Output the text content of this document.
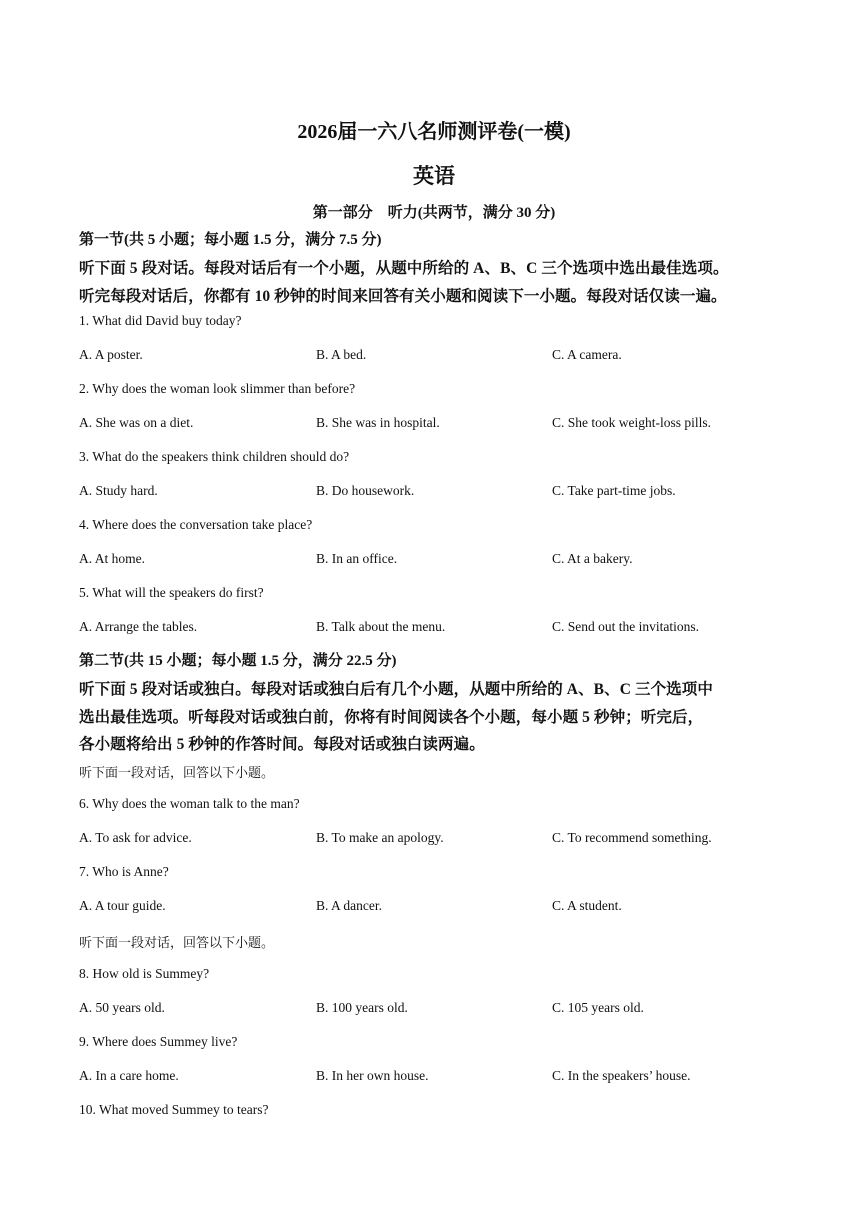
2026届一六八名师测评卷(一模)
英语
第一部分　听力(共两节，满分 30 分)
第一节(共 5 小题；每小题 1.5 分，满分 7.5 分)
听下面 5 段对话。每段对话后有一个小题，从题中所给的 A、B、C 三个选项中选出最佳选项。
听完每段对话后，你都有 10 秒钟的时间来回答有关小题和阅读下一小题。每段对话仅读一遍。
1. What did David buy today?
A. A poster.	B. A bed.	C. A camera.
2. Why does the woman look slimmer than before?
A. She was on a diet.	B. She was in hospital.	C. She took weight-loss pills.
3. What do the speakers think children should do?
A. Study hard.	B. Do housework.	C. Take part-time jobs.
4. Where does the conversation take place?
A. At home.	B. In an office.	C. At a bakery.
5. What will the speakers do first?
A. Arrange the tables.	B. Talk about the menu.	C. Send out the invitations.
第二节(共 15 小题；每小题 1.5 分，满分 22.5 分)
听下面 5 段对话或独白。每段对话或独白后有几个小题，从题中所给的 A、B、C 三个选项中
选出最佳选项。听每段对话或独白前，你将有时间阅读各个小题，每小题 5 秒钟；听完后，
各小题将给出 5 秒钟的作答时间。每段对话或独白读两遍。
听下面一段对话，回答以下小题。
6. Why does the woman talk to the man?
A. To ask for advice.	B. To make an apology.	C. To recommend something.
7. Who is Anne?
A. A tour guide.	B. A dancer.	C. A student.
听下面一段对话，回答以下小题。
8. How old is Summey?
A. 50 years old.	B. 100 years old.	C. 105 years old.
9. Where does Summey live?
A. In a care home.	B. In her own house.	C. In the speakers’ house.
10. What moved Summey to tears?
